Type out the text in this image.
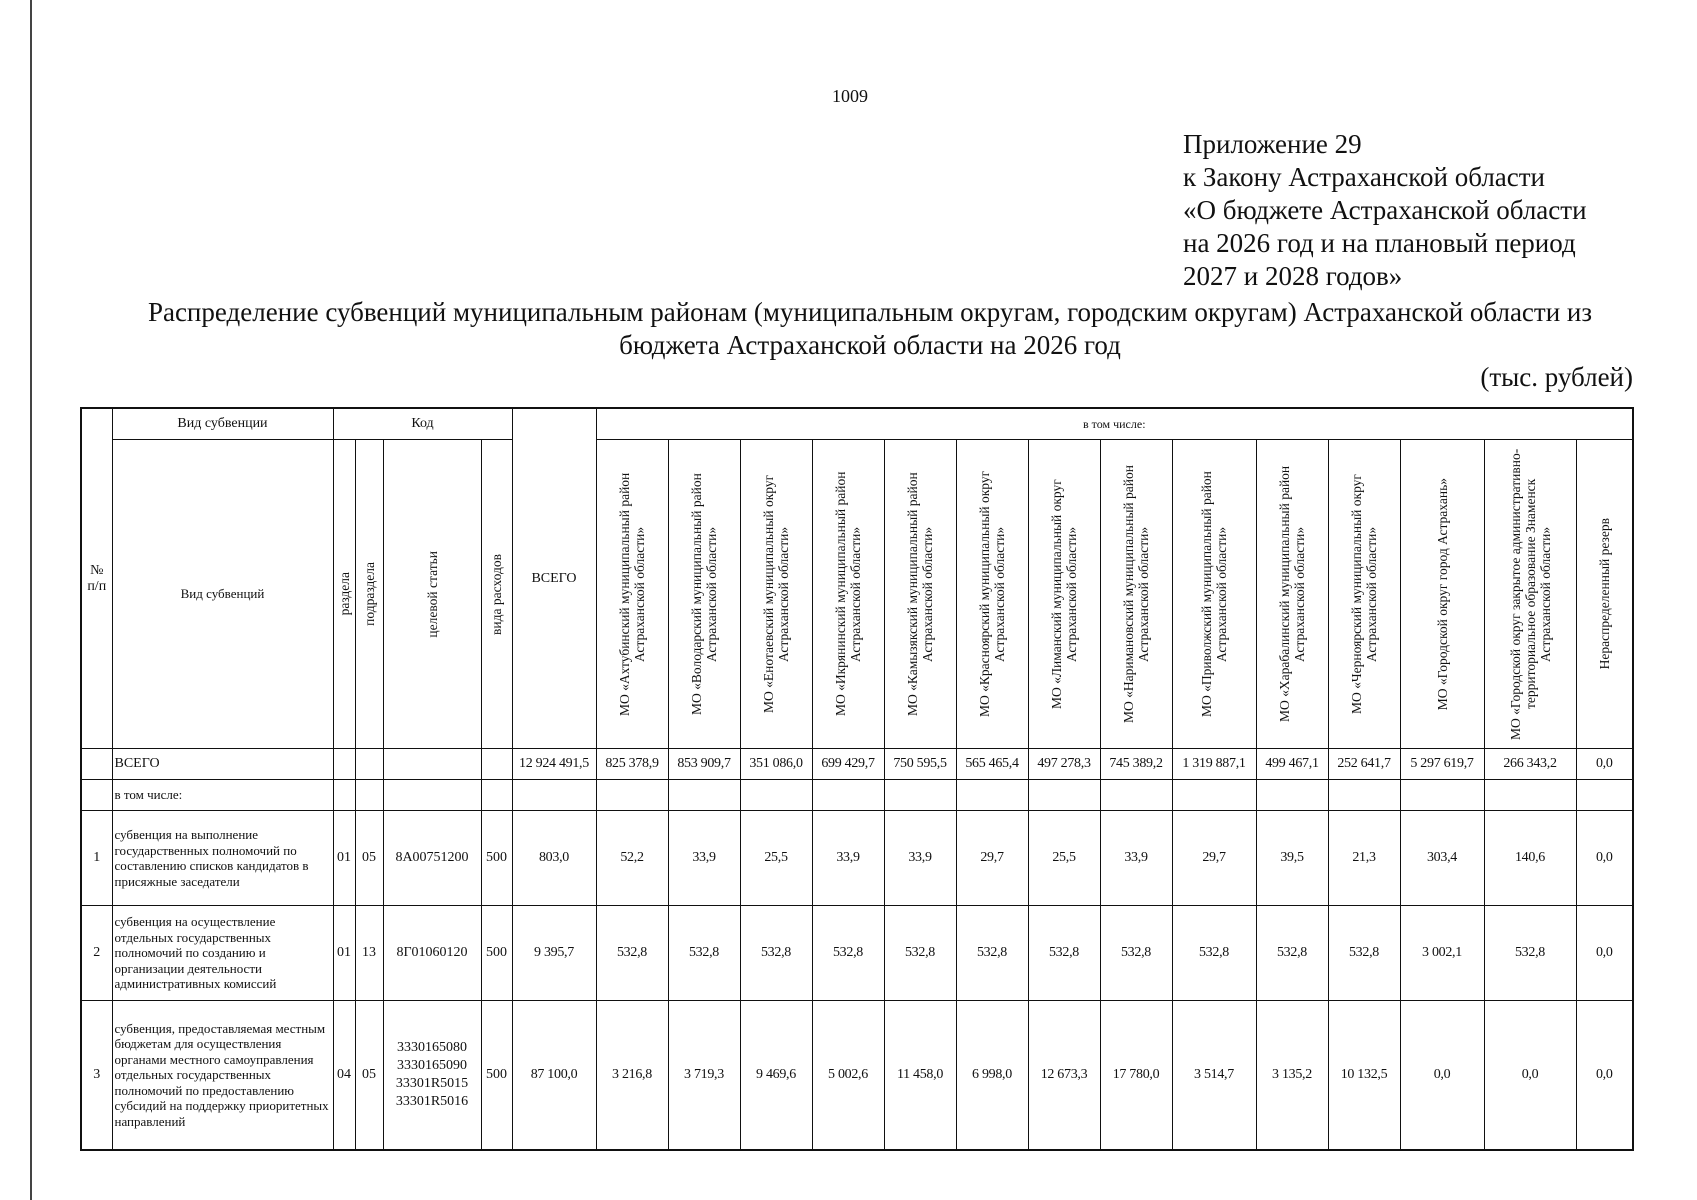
1009
Приложение 29
к Закону Астраханской области
«О бюджете Астраханской области
на 2026 год и на плановый период
2027 и 2028 годов»
Распределение субвенций муниципальным районам (муниципальным округам, городским округам) Астраханской области из бюджета Астраханской области на 2026 год
(тыс. рублей)
№ п/п	Вид субвенции	Код				ВСЕГО	в том числе:													
	Вид субвенций	раздела	подраздела	целевой статьи	вида расходов		МО «Ахтубинский муниципальный район Астраханской области»	МО «Володарский муниципальный район Астраханской области»	МО «Енотаевский муниципальный округ Астраханской области»	МО «Икрянинский муниципальный район Астраханской области»	МО «Камызякский муниципальный район Астраханской области»	МО «Красноярский муниципальный округ Астраханской области»	МО «Лиманский муниципальный округ Астраханской области»	МО «Наримановский муниципальный район Астраханской области»	МО «Приволжский муниципальный район Астраханской области»	МО «Харабалинский муниципальный район Астраханской области»	МО «Черноярский муниципальный округ Астраханской области»	МО «Городской округ город Астрахань»	МО «Городской округ закрытое административно-территориальное образование Знаменск Астраханской области»	Нераспределенный резерв

	ВСЕГО					12 924 491,5	825 378,9	853 909,7	351 086,0	699 429,7	750 595,5	565 465,4	497 278,3	745 389,2	1 319 887,1	499 467,1	252 641,7	5 297 619,7	266 343,2	0,0
	в том числе:																			
1	субвенция на выполнение государственных полномочий по составлению списков кандидатов в присяжные заседатели	01	05	8А00751200	500	803,0	52,2	33,9	25,5	33,9	33,9	29,7	25,5	33,9	29,7	39,5	21,3	303,4	140,6	0,0
2	субвенция на осуществление отдельных государственных полномочий по созданию и организации деятельности административных комиссий	01	13	8Г01060120	500	9 395,7	532,8	532,8	532,8	532,8	532,8	532,8	532,8	532,8	532,8	532,8	532,8	3 002,1	532,8	0,0
3	субвенция, предоставляемая местным бюджетам для осуществления органами местного самоуправления отдельных государственных полномочий по предоставлению субсидий на поддержку приоритетных направлений	04	05	3330165080
3330165090
33301R5015
33301R5016	500	87 100,0	3 216,8	3 719,3	9 469,6	5 002,6	11 458,0	6 998,0	12 673,3	17 780,0	3 514,7	3 135,2	10 132,5	0,0	0,0	0,0
